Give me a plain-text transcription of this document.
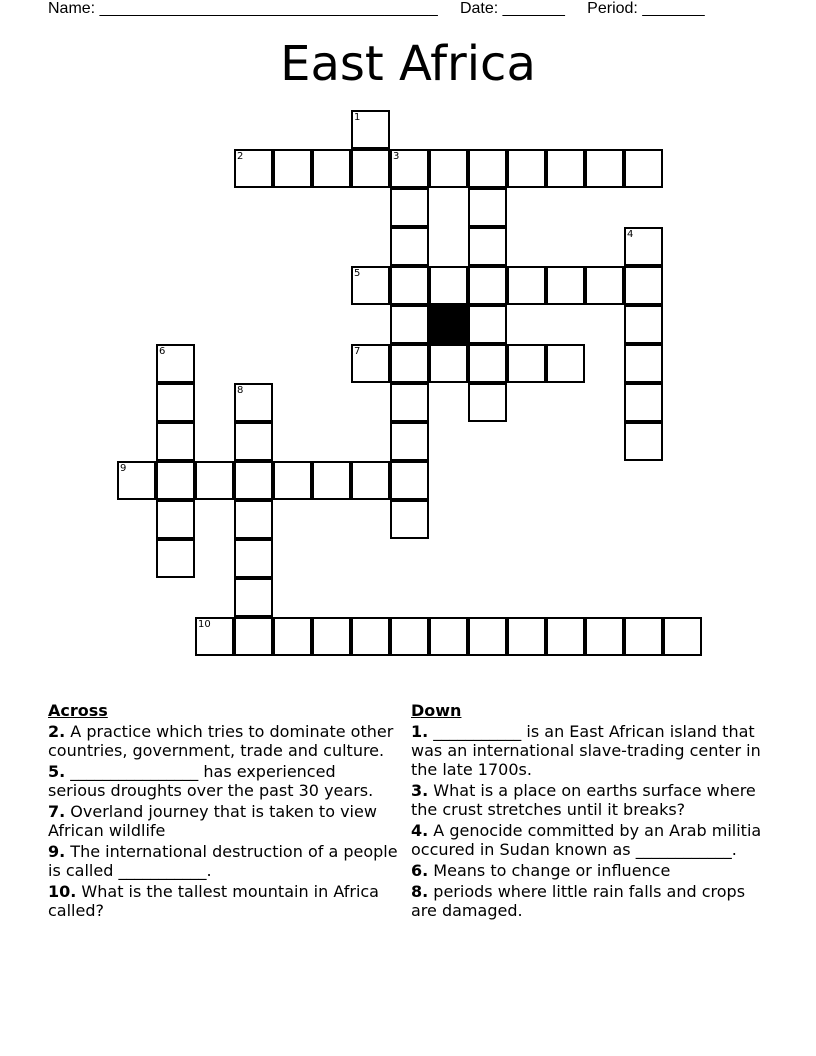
Name: ______________________________________ Date: _______ Period: _______
East Africa
1
2	3
4
5
6	7
8
9
10
Across
2. A practice which tries to dominate other countries, government, trade and culture.
5. ________________ has experienced serious droughts over the past 30 years.
7. Overland journey that is taken to view African wildlife
9. The international destruction of a people is called ___________.
10. What is the tallest mountain in Africa called?
Down
1. ___________ is an East African island that was an international slave-trading center in the late 1700s.
3. What is a place on earths surface where the crust stretches until it breaks?
4. A genocide committed by an Arab militia occured in Sudan known as ____________.
6. Means to change or influence
8. periods where little rain falls and crops are damaged.
